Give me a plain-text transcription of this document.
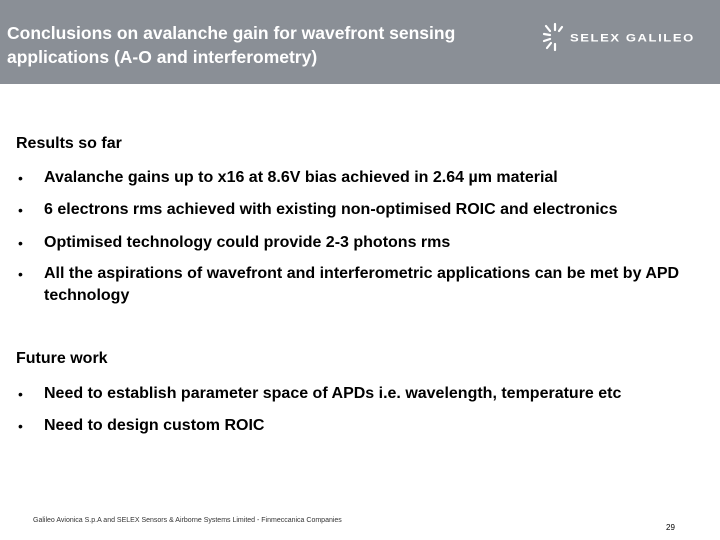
Conclusions on avalanche gain for wavefront sensing
applications (A-O and interferometry)
SELEX GALILEO
Results so far
• Avalanche gains up to x16 at 8.6V bias achieved in 2.64 µm material
• 6 electrons rms achieved with existing non-optimised ROIC and electronics
• Optimised technology could provide 2-3 photons rms
• All the aspirations of wavefront and interferometric applications can be met by APD technology
Future work
• Need to establish parameter space of APDs i.e. wavelength, temperature etc
• Need to design custom ROIC
Galileo Avionica S.p.A and SELEX Sensors & Airborne Systems Limited - Finmeccanica Companies
29
